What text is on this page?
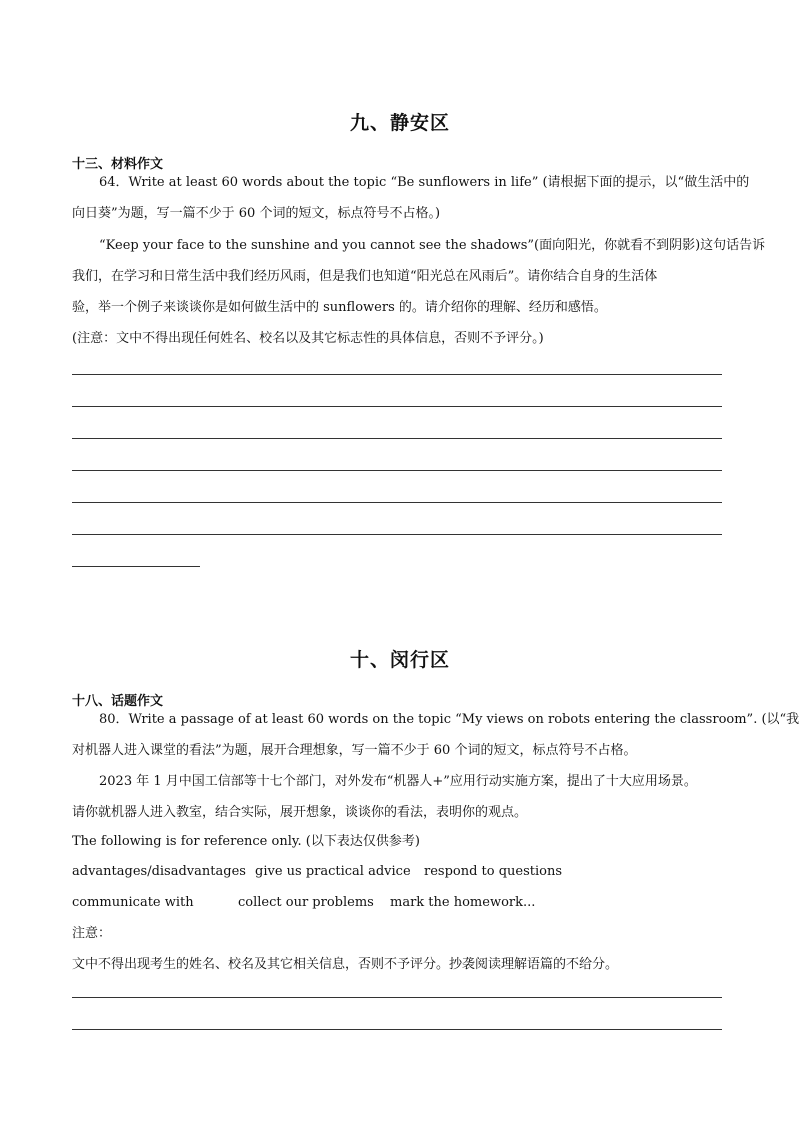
九、静安区
十三、材料作文
64．Write at least 60 words about the topic “Be sunflowers in life” (请根据下面的提示，以“做生活中的
向日葵”为题，写一篇不少于 60 个词的短文，标点符号不占格。)
“Keep your face to the sunshine and you cannot see the shadows”(面向阳光，你就看不到阴影)这句话告诉
我们，在学习和日常生活中我们经历风雨，但是我们也知道“阳光总在风雨后”。请你结合自身的生活体
验，举一个例子来谈谈你是如何做生活中的 sunflowers 的。请介绍你的理解、经历和感悟。
(注意：文中不得出现任何姓名、校名以及其它标志性的具体信息，否则不予评分。)
十、闵行区
十八、话题作文
80．Write a passage of at least 60 words on the topic “My views on robots entering the classroom”. (以“我
对机器人进入课堂的看法”为题，展开合理想象，写一篇不少于 60 个词的短文，标点符号不占格。
2023 年 1 月中国工信部等十七个部门，对外发布“机器人+”应用行动实施方案，提出了十大应用场景。
请你就机器人进入教室，结合实际，展开想象，谈谈你的看法，表明你的观点。
The following is for reference only. (以下表达仅供参考)
advantages/disadvantages give us practical advice respond to questions
communicate with	collect our problems mark the homework...
注意：
文中不得出现考生的姓名、校名及其它相关信息，否则不予评分。抄袭阅读理解语篇的不给分。
